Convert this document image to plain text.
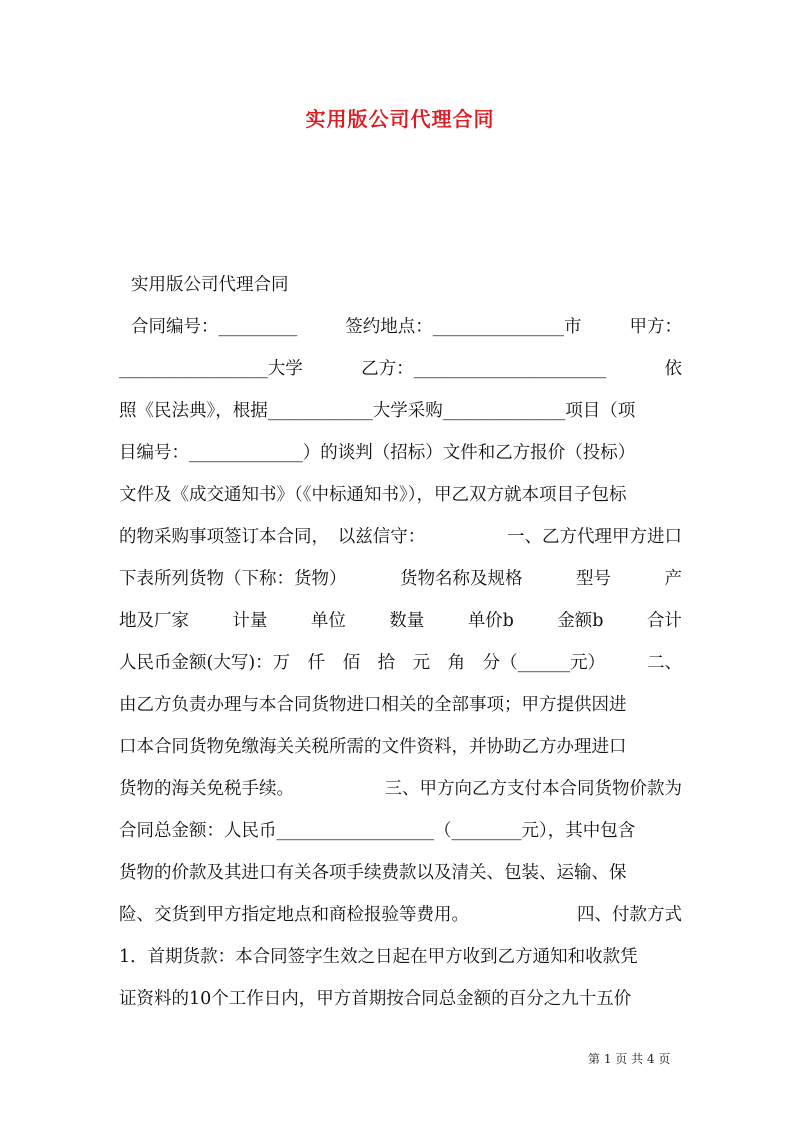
实用版公司代理合同
实用版公司代理合同
合同编号：_________	签约地点：_______________市	甲方：
_________________大学	乙方：______________________	依
照《民法典》，根据____________大学采购______________项目（项
目编号：_____________）的谈判（招标）文件和乙方报价（投标）
文件及《成交通知书》（《中标通知书》），甲乙双方就本项目子包标
的物采购事项签订本合同，　以兹信守：	一、乙方代理甲方进口
下表所列货物（下称：货物）	货物名称及规格	型号	产
地及厂家 计量 单位 数量 单价b 金额b 合计
人民币金额(大写)：万　仟　佰　拾　元　角　分（______元） 二、
由乙方负责办理与本合同货物进口相关的全部事项；甲方提供因进
口本合同货物免缴海关关税所需的文件资料，并协助乙方办理进口
货物的海关免税手续。	三、甲方向乙方支付本合同货物价款为
合同总金额：人民币__________________（________元），其中包含
货物的价款及其进口有关各项手续费款以及清关、包装、运输、保
险、交货到甲方指定地点和商检报验等费用。	四、付款方式
1．首期货款：本合同签字生效之日起在甲方收到乙方通知和收款凭
证资料的10个工作日内，甲方首期按合同总金额的百分之九十五价
第 1 页 共 4 页
